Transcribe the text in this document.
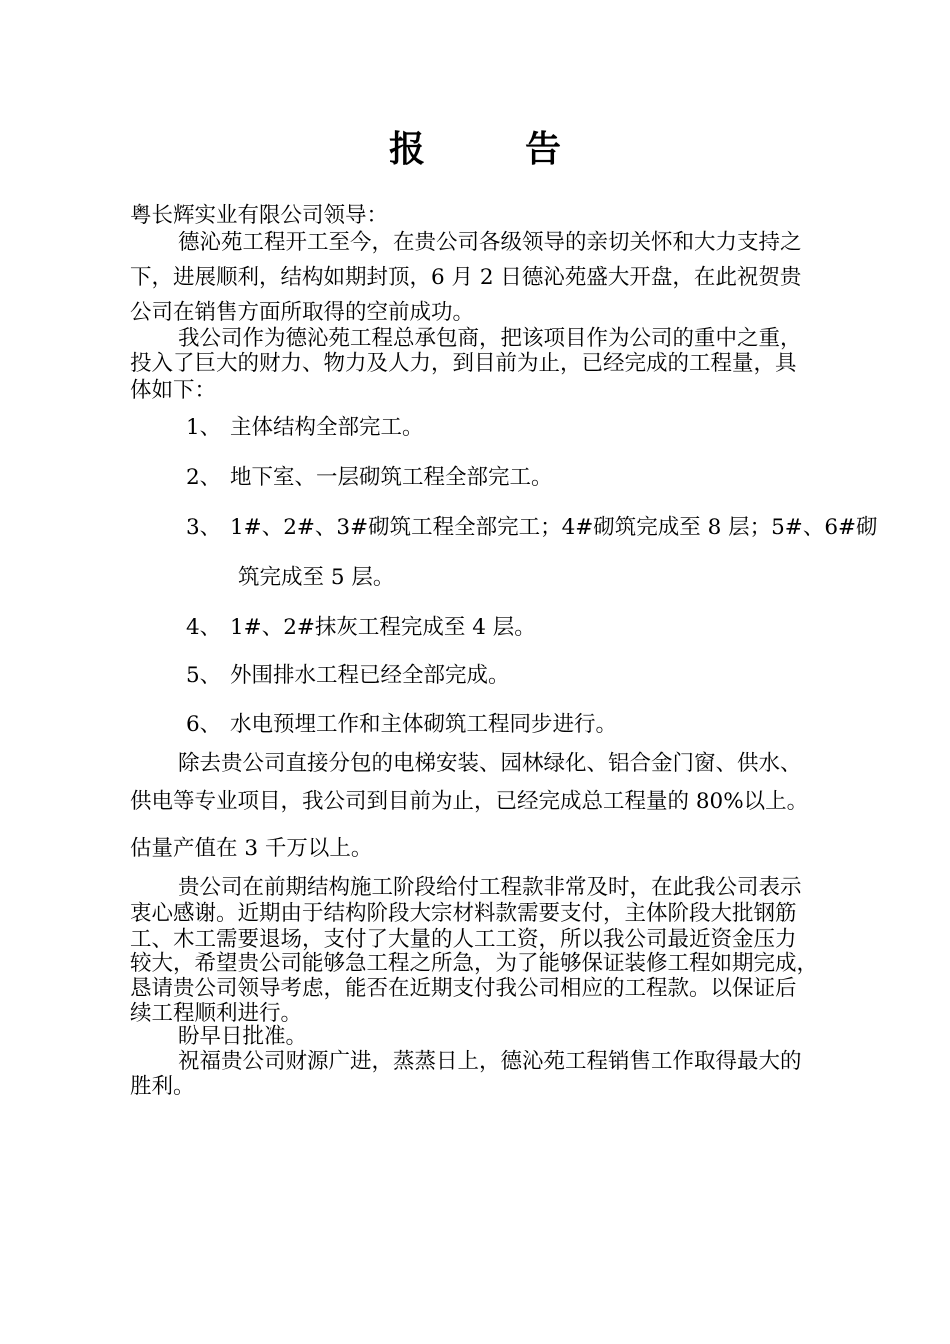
报	告
粤长辉实业有限公司领导：
德沁苑工程开工至今，在贵公司各级领导的亲切关怀和大力支持之
下，进展顺利，结构如期封顶，6 月 2 日德沁苑盛大开盘，在此祝贺贵
公司在销售方面所取得的空前成功。
我公司作为德沁苑工程总承包商，把该项目作为公司的重中之重，
投入了巨大的财力、物力及人力，到目前为止，已经完成的工程量，具
体如下：
1、 主体结构全部完工。
2、 地下室、一层砌筑工程全部完工。
3、 1#、2#、3#砌筑工程全部完工；4#砌筑完成至 8 层；5#、6#砌
筑完成至 5 层。
4、 1#、2#抹灰工程完成至 4 层。
5、 外围排水工程已经全部完成。
6、 水电预埋工作和主体砌筑工程同步进行。
除去贵公司直接分包的电梯安装、园林绿化、铝合金门窗、供水、
供电等专业项目，我公司到目前为止，已经完成总工程量的 80%以上。
估量产值在 3 千万以上。
贵公司在前期结构施工阶段给付工程款非常及时，在此我公司表示
衷心感谢。近期由于结构阶段大宗材料款需要支付，主体阶段大批钢筋
工、木工需要退场，支付了大量的人工工资，所以我公司最近资金压力
较大，希望贵公司能够急工程之所急，为了能够保证装修工程如期完成，
恳请贵公司领导考虑，能否在近期支付我公司相应的工程款。以保证后
续工程顺利进行。
盼早日批准。
祝福贵公司财源广进，蒸蒸日上，德沁苑工程销售工作取得最大的
胜利。
